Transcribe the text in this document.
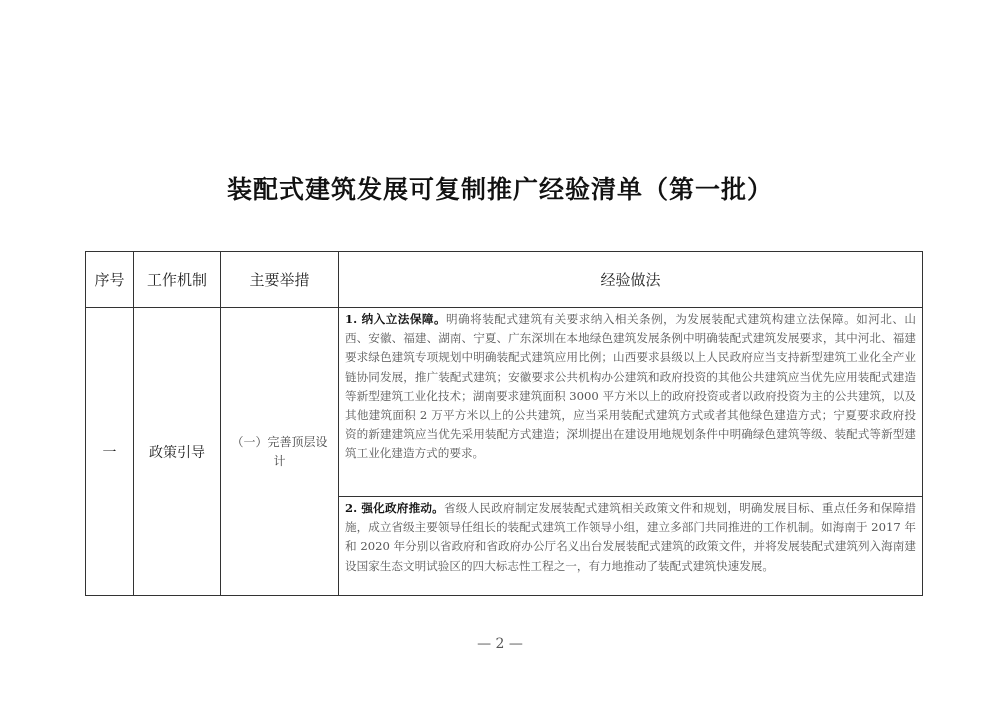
装配式建筑发展可复制推广经验清单（第一批）
序号	工作机制	主要举措	经验做法
一	政策引导	（一）完善顶层设计	1. 纳入立法保障。明确将装配式建筑有关要求纳入相关条例，为发展装配式建筑构建立法保障。如河北、山西、安徽、福建、湖南、宁夏、广东深圳在本地绿色建筑发展条例中明确装配式建筑发展要求，其中河北、福建要求绿色建筑专项规划中明确装配式建筑应用比例；山西要求县级以上人民政府应当支持新型建筑工业化全产业链协同发展，推广装配式建筑；安徽要求公共机构办公建筑和政府投资的其他公共建筑应当优先应用装配式建造等新型建筑工业化技术；湖南要求建筑面积 3000 平方米以上的政府投资或者以政府投资为主的公共建筑，以及其他建筑面积 2 万平方米以上的公共建筑，应当采用装配式建筑方式或者其他绿色建造方式；宁夏要求政府投资的新建建筑应当优先采用装配方式建造；深圳提出在建设用地规划条件中明确绿色建筑等级、装配式等新型建筑工业化建造方式的要求。
			2. 强化政府推动。省级人民政府制定发展装配式建筑相关政策文件和规划，明确发展目标、重点任务和保障措施，成立省级主要领导任组长的装配式建筑工作领导小组，建立多部门共同推进的工作机制。如海南于 2017 年和 2020 年分别以省政府和省政府办公厅名义出台发展装配式建筑的政策文件，并将发展装配式建筑列入海南建设国家生态文明试验区的四大标志性工程之一，有力地推动了装配式建筑快速发展。
— 2 —
